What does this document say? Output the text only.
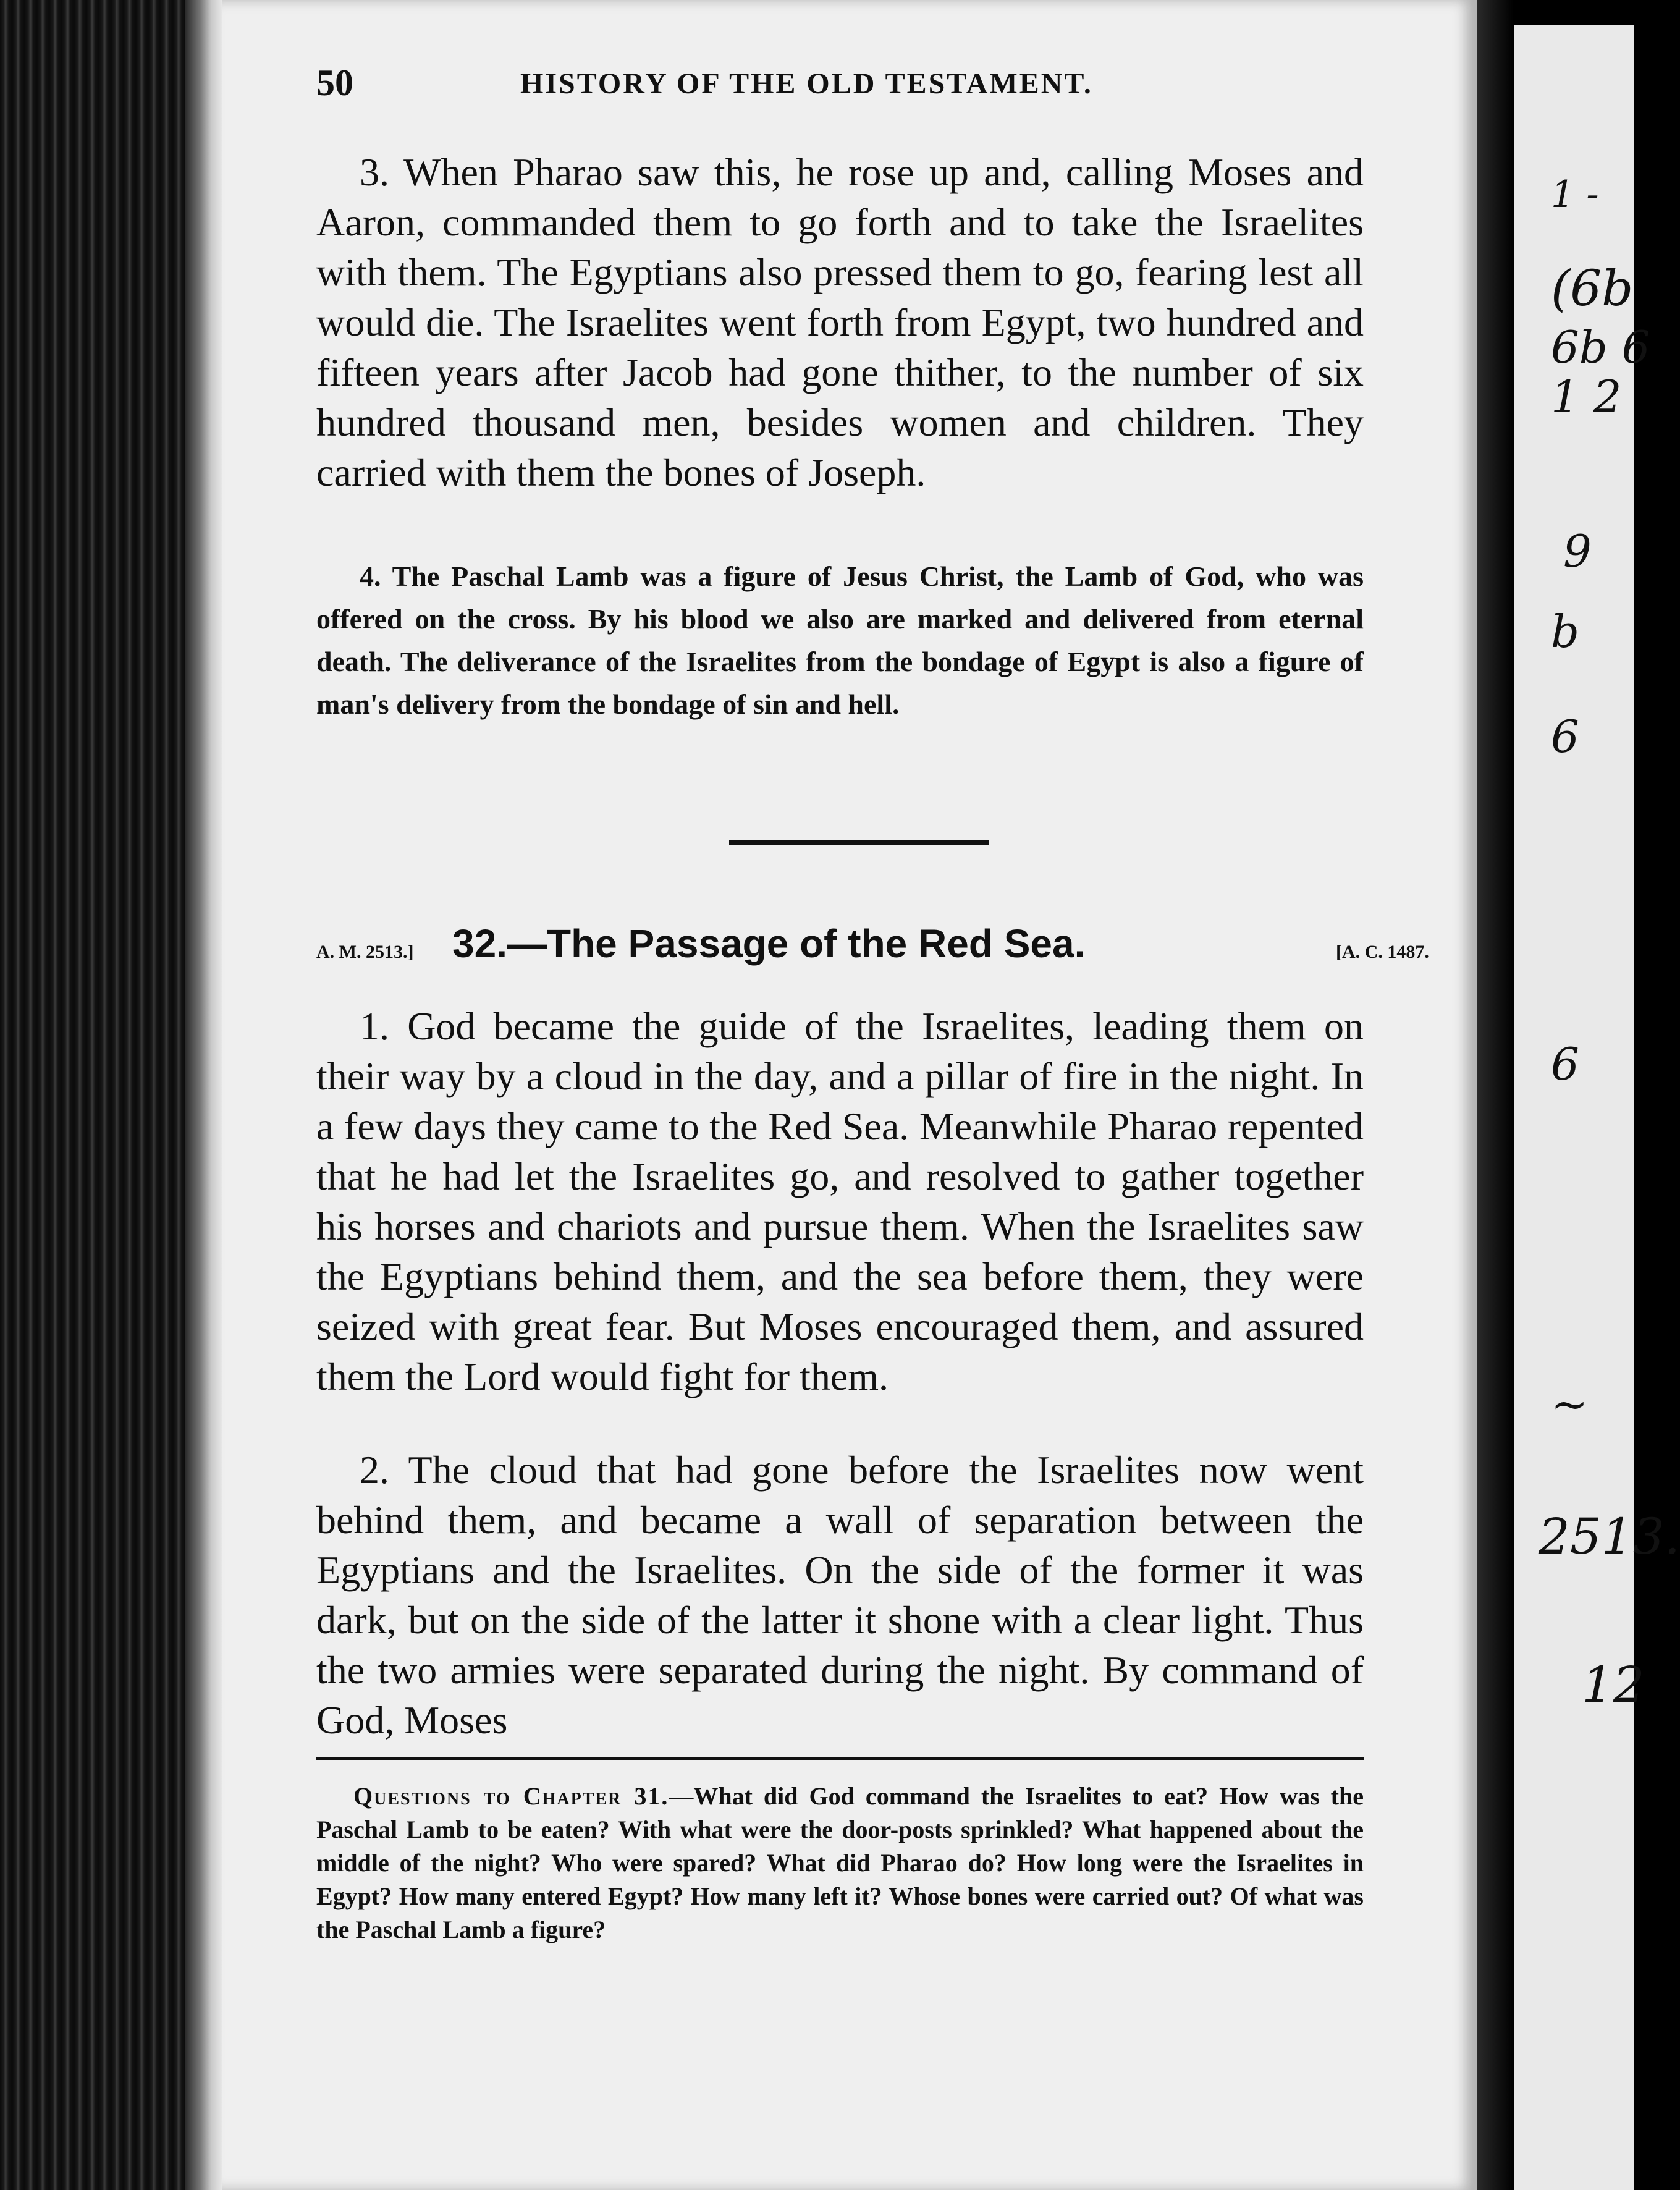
50	HISTORY OF THE OLD TESTAMENT.

3. When Pharao saw this, he rose up and, calling Moses and Aaron, commanded them to go forth and to take the Israelites with them. The Egyptians also pressed them to go, fearing lest all would die. The Israelites went forth from Egypt, two hundred and fifteen years after Jacob had gone thither, to the number of six hundred thousand men, besides women and children. They carried with them the bones of Joseph.

4. The Paschal Lamb was a figure of Jesus Christ, the Lamb of God, who was offered on the cross. By his blood we also are marked and delivered from eternal death. The deliverance of the Israelites from the bondage of Egypt is also a figure of man's delivery from the bondage of sin and hell.

A. M. 2513.] 32.—The Passage of the Red Sea.	[A. C. 1487.

1. God became the guide of the Israelites, leading them on their way by a cloud in the day, and a pillar of fire in the night. In a few days they came to the Red Sea. Meanwhile Pharao repented that he had let the Israelites go, and resolved to gather together his horses and chariots and pursue them. When the Israelites saw the Egyptians behind them, and the sea before them, they were seized with great fear. But Moses encouraged them, and assured them the Lord would fight for them.

2. The cloud that had gone before the Israelites now went behind them, and became a wall of separation between the Egyptians and the Israelites. On the side of the former it was dark, but on the side of the latter it shone with a clear light. Thus the two armies were separated during the night. By command of God, Moses

Questions to Chapter 31.—What did God command the Israelites to eat? How was the Paschal Lamb to be eaten? With what were the door-posts sprinkled? What happened about the middle of the night? Who were spared? What did Pharao do? How long were the Israelites in Egypt? How many entered Egypt? How many left it? Whose bones were carried out? Of what was the Paschal Lamb a figure?

1 -
(6b
6b 6
1 2
9
b
6
6
~
2513.
12
